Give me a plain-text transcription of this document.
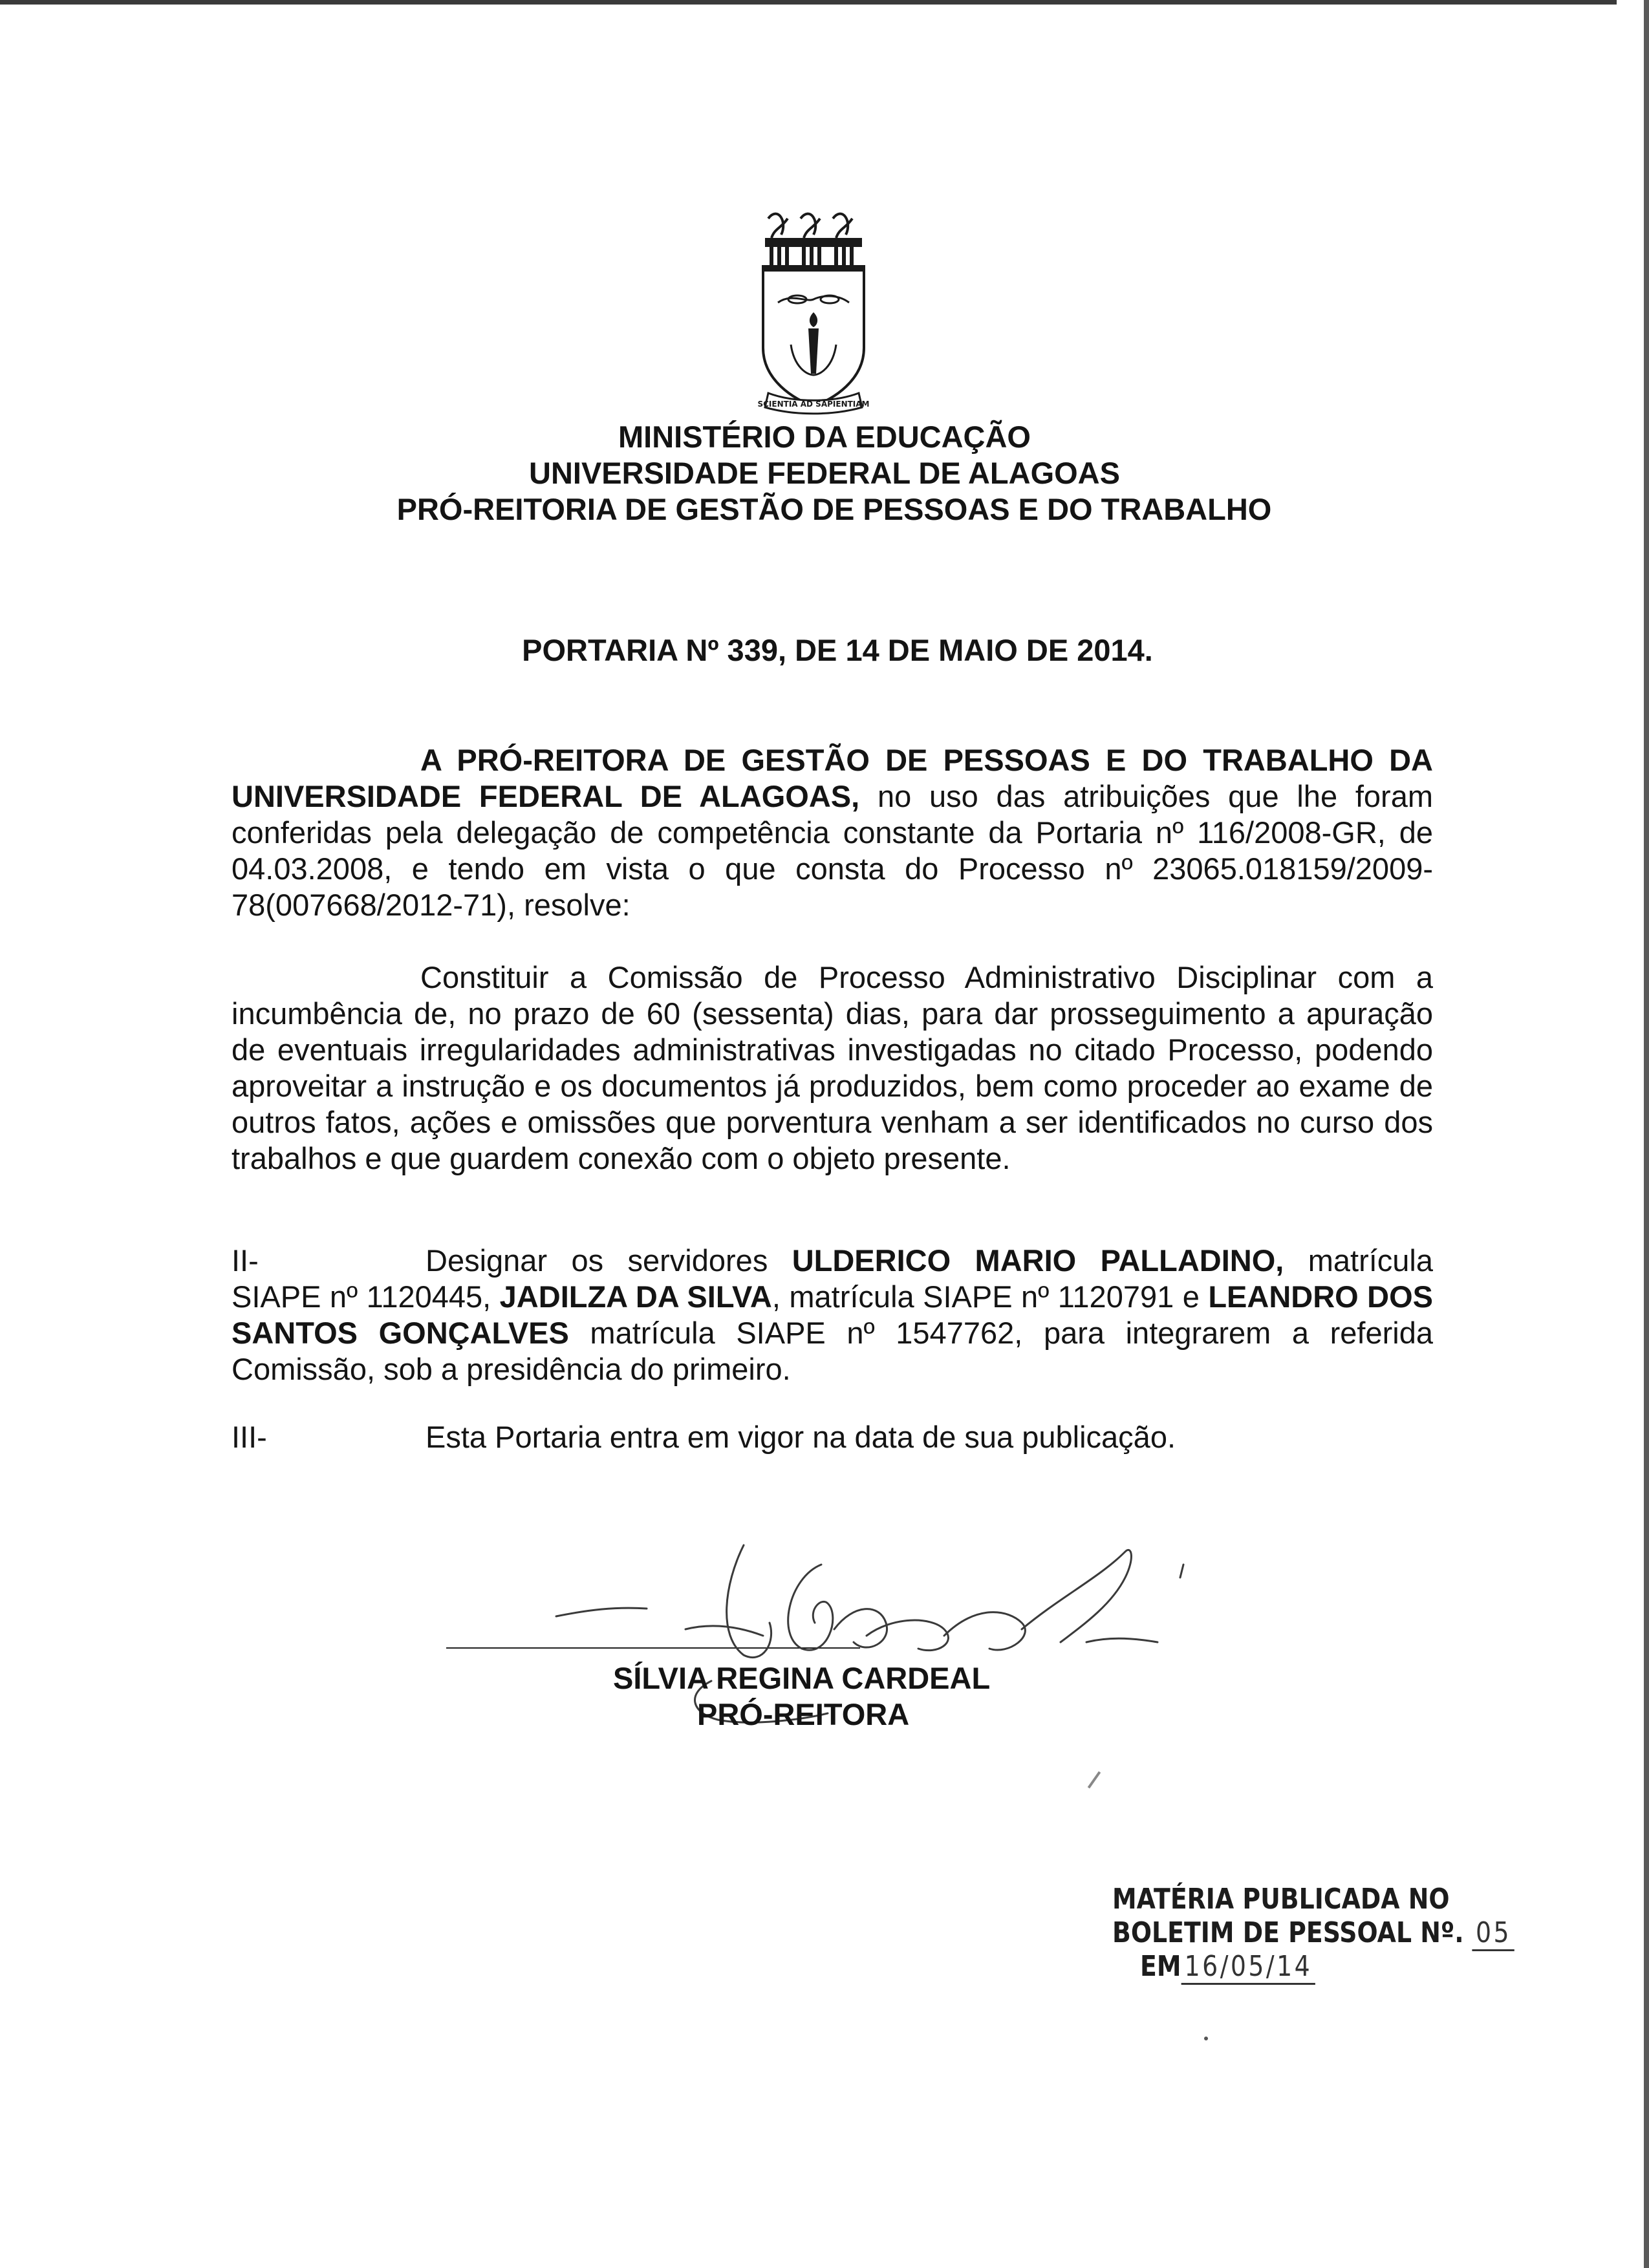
SCIENTIA AD SAPIENTIAM
MINISTÉRIO DA EDUCAÇÃO
UNIVERSIDADE FEDERAL DE ALAGOAS
PRÓ-REITORIA DE GESTÃO DE PESSOAS E DO TRABALHO
PORTARIA Nº 339, DE 14 DE MAIO DE 2014.
A PRÓ-REITORA DE GESTÃO DE PESSOAS E DO TRABALHO DA UNIVERSIDADE FEDERAL DE ALAGOAS, no uso das atribuições que lhe foram conferidas pela delegação de competência constante da Portaria nº 116/2008-GR, de 04.03.2008, e tendo em vista o que consta do Processo nº 23065.018159/2009-78(007668/2012-71), resolve:
Constituir a Comissão de Processo Administrativo Disciplinar com a incumbência de, no prazo de 60 (sessenta) dias, para dar prosseguimento a apuração de eventuais irregularidades administrativas investigadas no citado Processo, podendo aproveitar a instrução e os documentos já produzidos, bem como proceder ao exame de outros fatos, ações e omissões que porventura venham a ser identificados no curso dos trabalhos e que guardem conexão com o objeto presente.
II-	Designar os servidores ULDERICO MARIO PALLADINO, matrícula SIAPE nº 1120445, JADILZA DA SILVA, matrícula SIAPE nº 1120791 e LEANDRO DOS SANTOS GONÇALVES matrícula SIAPE nº 1547762, para integrarem a referida Comissão, sob a presidência do primeiro.
III-	Esta Portaria entra em vigor na data de sua publicação.
SÍLVIA REGINA CARDEAL
PRÓ-REITORA
MATÉRIA PUBLICADA NO
BOLETIM DE PESSOAL Nº. 05
EM 16/05/14
